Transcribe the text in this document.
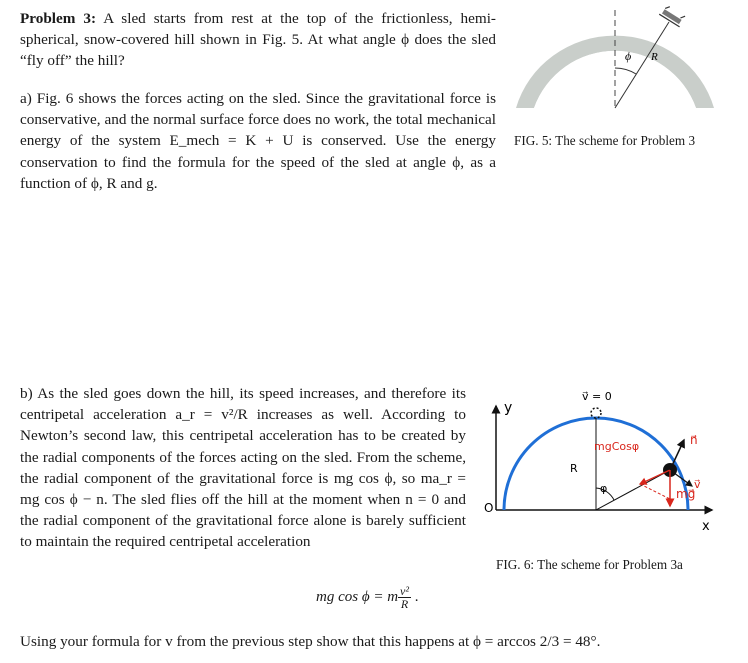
Problem 3: A sled starts from rest at the top of the frictionless, hemi-spherical, snow-covered hill shown in Fig. 5. At what angle ϕ does the sled “fly off” the hill?
a) Fig. 6 shows the forces acting on the sled. Since the gravitational force is conservative, and the normal surface force does no work, the total mechanical energy of the system E_mech = K + U is conserved. Use the energy conservation to find the formula for the speed of the sled at angle ϕ, as a function of ϕ, R and g.
b) As the sled goes down the hill, its speed increases, and therefore its centripetal acceleration a_r = v²/R increases as well. According to Newton’s second law, this centripetal acceleration has to be created by the radial components of the forces acting on the sled. From the scheme, the radial component of the gravitational force is mg cos ϕ, so ma_r = mg cos ϕ − n. The sled flies off the hill at the moment when n = 0 and the radial component of the gravitational force alone is barely sufficient to maintain the required centripetal acceleration
mg cos ϕ = m $\frac{\text{v²}}{R}$ .
Using your formula for v from the previous step show that this happens at ϕ = arccos 2/3 = 48°.
ϕ R
FIG. 5: The scheme for Problem 3
y
x
O
φ
R
v⃗ = 0
mgCosφ	n⃗
v⃗
mg⃗
FIG. 6: The scheme for Problem 3a
